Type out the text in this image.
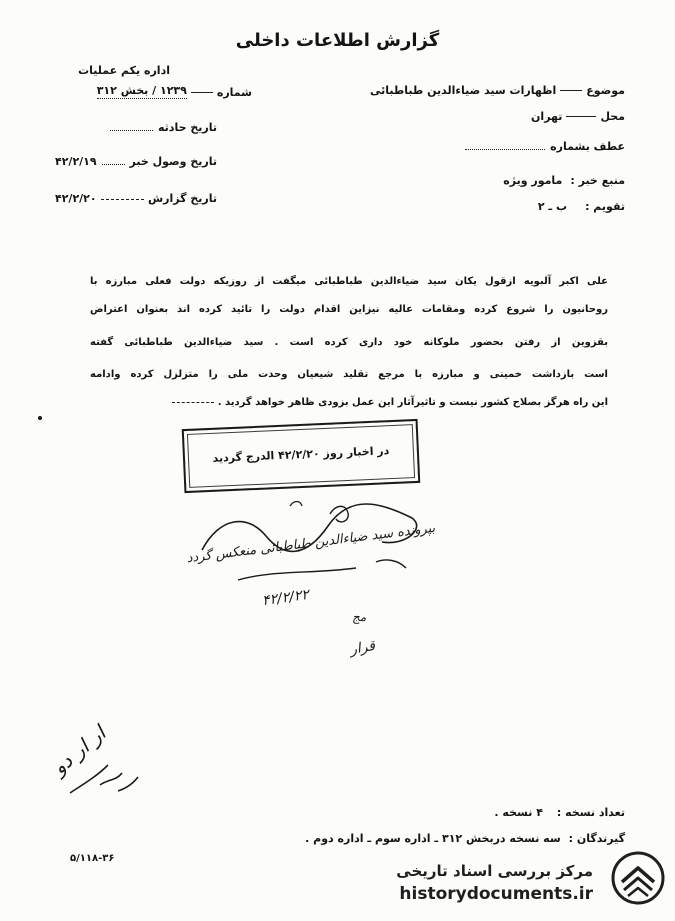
گزارش اطلاعات داخلی
اداره یکم عملیات
شماره
۱۲۳۹ / بخش ۳۱۲
تاریخ حادثه
تاریخ وصول خبر
۴۲/۲/۱۹
تاریخ گزارش
۴۲/۲/۲۰
موضوع
اظهارات سید ضیاءالدین طباطبائی
محل
تهران
عطف بشماره
منبع خبر :
مامور ویژه
تقویم :
ب ـ ۲
علی اکبر آلبویه ازقول یکان سید ضیاءالدین طباطبائی میگفت از روزیکه دولت فعلی مبارزه با
روحانیون را شروع کرده ومقامات عالیه نیزاین اقدام دولت را تائید کرده اند بعنوان اعتراض
بقزوین از رفتن بحضور ملوکانه خود داری کرده است . سید ضیاءالدین طباطبائی گفته
است بازداشت خمینی و مبارزه با مرجع تقلید شیعیان وحدت ملی را متزلزل کرده وادامه
این راه هرگز بصلاح کشور نیست و تاثیرآثار این عمل بزودی ظاهر خواهد گردید .
در اخبار روز ۴۲/۲/۲۰ الدرج گردید
بپرونده سید ضیاءالدین طباطبائی منعکس گردد
۴۲/۲/۲۲
مج
قرار
ار ار دو
تعداد نسخه :
۴ نسخه .
گیرندگان :
سه نسخه دربخش ۳۱۲ ـ اداره سوم ـ اداره دوم .
۵/۱۱۸-۳۶
مرکز بررسی اسناد تاریخی
historydocuments.ir
